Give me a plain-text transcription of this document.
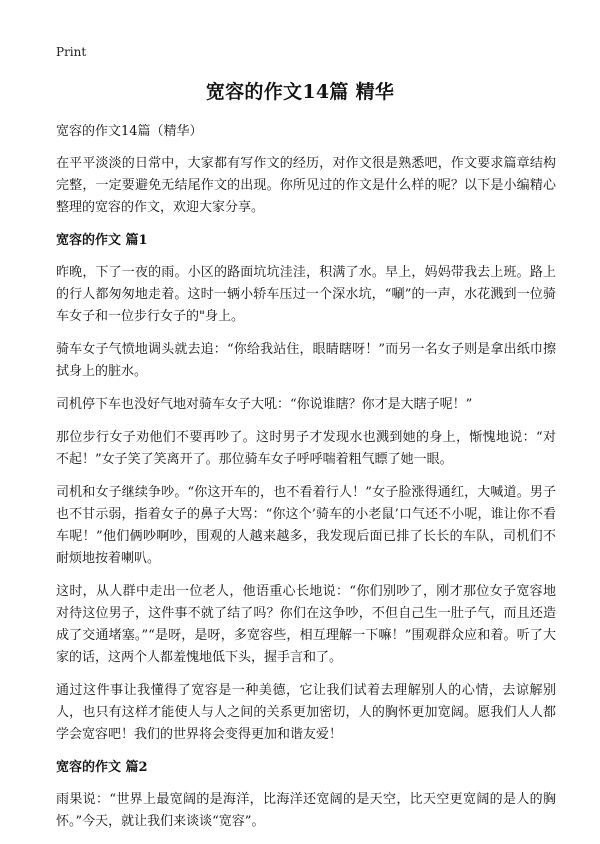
Print
宽容的作文14篇 精华

宽容的作文14篇（精华）

在平平淡淡的日常中，大家都有写作文的经历，对作文很是熟悉吧，作文要求篇章结构完整，一定要避免无结尾作文的出现。你所见过的作文是什么样的呢？以下是小编精心整理的宽容的作文，欢迎大家分享。

宽容的作文 篇1

昨晚，下了一夜的雨。小区的路面坑坑洼洼，积满了水。早上，妈妈带我去上班。路上的行人都匆匆地走着。这时一辆小轿车压过一个深水坑，“唰”的一声，水花溅到一位骑车女子和一位步行女子的"身上。

骑车女子气愤地调头就去追：“你给我站住，眼睛瞎呀！”而另一名女子则是拿出纸巾擦拭身上的脏水。

司机停下车也没好气地对骑车女子大吼：“你说谁瞎？你才是大瞎子呢！”

那位步行女子劝他们不要再吵了。这时男子才发现水也溅到她的身上，惭愧地说：“对不起！”女子笑了笑离开了。那位骑车女子呼呼喘着粗气瞟了她一眼。

司机和女子继续争吵。“你这开车的，也不看着行人！”女子脸涨得通红，大喊道。男子也不甘示弱，指着女子的鼻子大骂：“你这个’骑车的小老鼠’口气还不小呢，谁让你不看车呢！”他们俩吵啊吵，围观的人越来越多，我发现后面已排了长长的车队，司机们不耐烦地按着喇叭。

这时，从人群中走出一位老人，他语重心长地说：“你们别吵了，刚才那位女子宽容地对待这位男子，这件事不就了结了吗？你们在这争吵，不但自己生一肚子气，而且还造成了交通堵塞。”“是呀，是呀，多宽容些，相互理解一下嘛！”围观群众应和着。听了大家的话，这两个人都羞愧地低下头，握手言和了。

通过这件事让我懂得了宽容是一种美德，它让我们试着去理解别人的心情，去谅解别人，也只有这样才能使人与人之间的关系更加密切，人的胸怀更加宽阔。愿我们人人都学会宽容吧！我们的世界将会变得更加和谐友爱！

宽容的作文 篇2

雨果说：“世界上最宽阔的是海洋，比海洋还宽阔的是天空，比天空更宽阔的是人的胸怀。”今天，就让我们来谈谈“宽容”。
